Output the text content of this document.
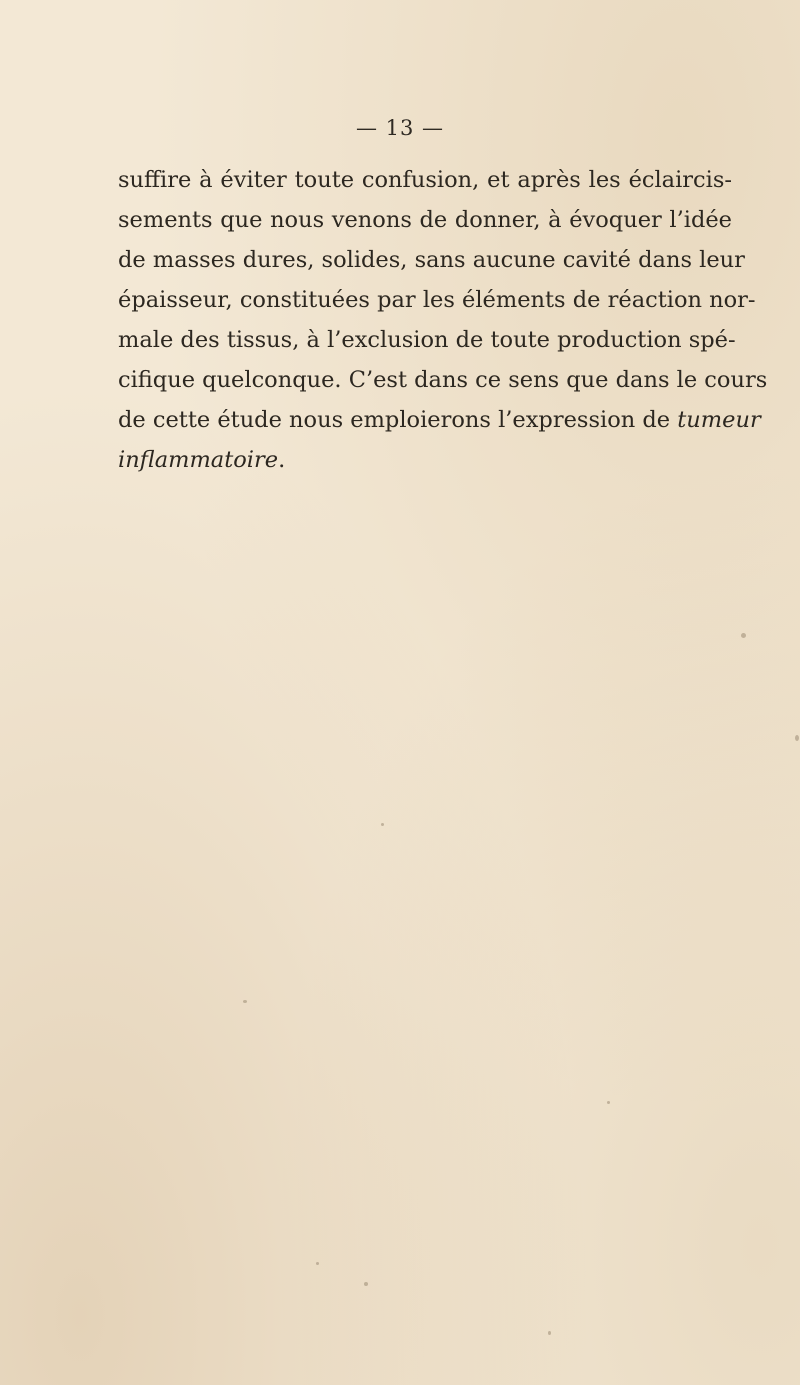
— 13 —
suffire à éviter toute confusion, et après les éclaircis-
sements que nous venons de donner, à évoquer l’idée
de masses dures, solides, sans aucune cavité dans leur
épaisseur, constituées par les éléments de réaction nor-
male des tissus, à l’exclusion de toute production spé-
cifique quelconque. C’est dans ce sens que dans le cours
de cette étude nous emploierons l’expression de tumeur
inflammatoire.
